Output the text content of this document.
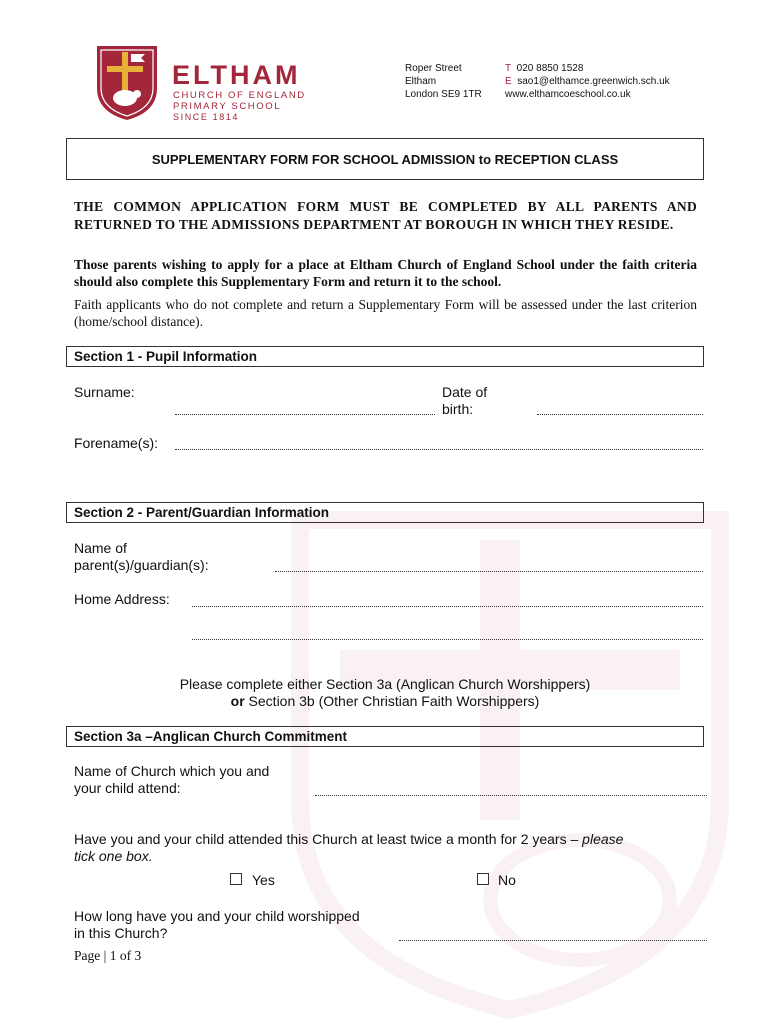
ELTHAM
CHURCH OF ENGLAND
PRIMARY SCHOOL
SINCE 1814
Roper Street
Eltham
London SE9 1TR
T 020 8850 1528
E sao1@elthamce.greenwich.sch.uk
www.elthamcoeschool.co.uk
SUPPLEMENTARY FORM FOR SCHOOL ADMISSION to RECEPTION CLASS
THE COMMON APPLICATION FORM MUST BE COMPLETED BY ALL PARENTS AND RETURNED TO THE ADMISSIONS DEPARTMENT AT BOROUGH IN WHICH THEY RESIDE.
Those parents wishing to apply for a place at Eltham Church of England School under the faith criteria should also complete this Supplementary Form and return it to the school.
Faith applicants who do not complete and return a Supplementary Form will be assessed under the last criterion (home/school distance).
Section 1 - Pupil Information
Surname:	Date of
birth:
Forename(s):
Section 2 - Parent/Guardian Information
Name of
parent(s)/guardian(s):
Home Address:
Please complete either Section 3a (Anglican Church Worshippers)
or Section 3b (Other Christian Faith Worshippers)
Section 3a –Anglican Church Commitment
Name of Church which you and
your child attend:
Have you and your child attended this Church at least twice a month for 2 years – please
tick one box.
Yes	No
How long have you and your child worshipped
in this Church?
Page | 1 of 3
